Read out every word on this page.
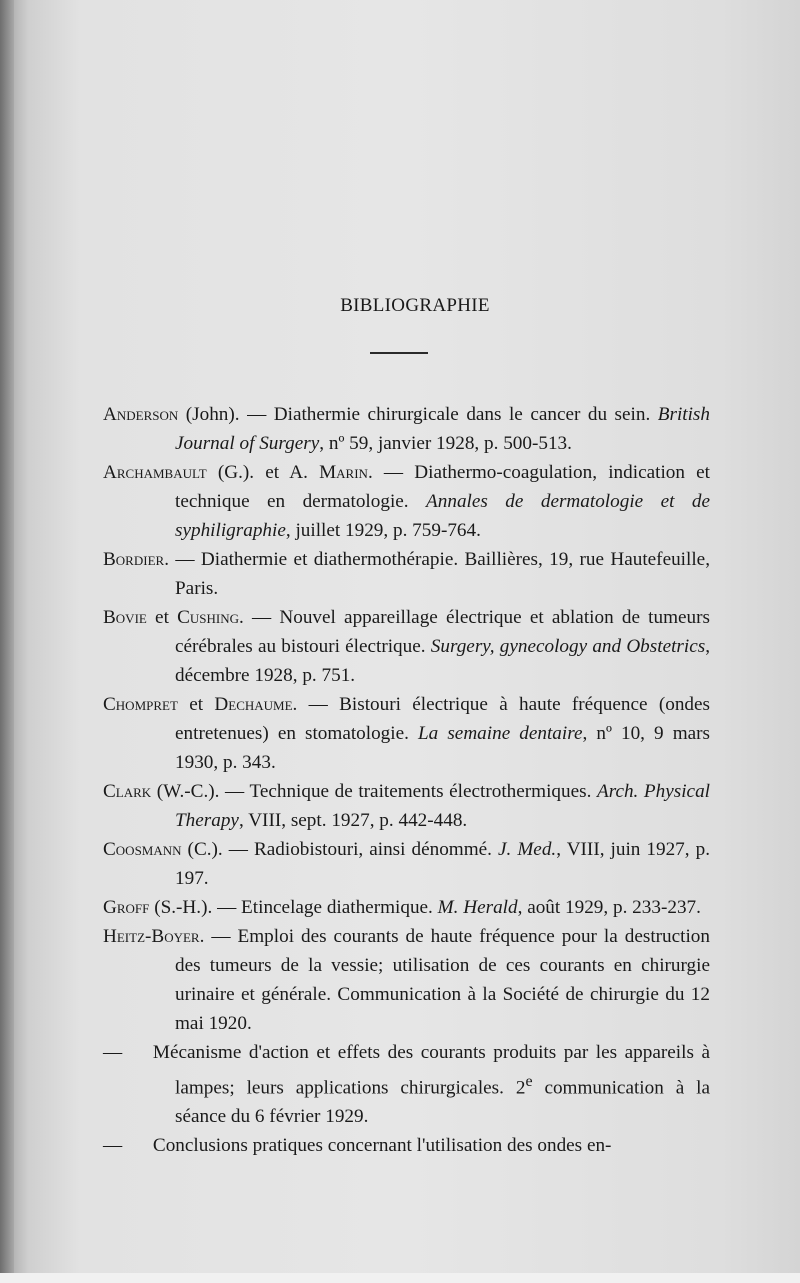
BIBLIOGRAPHIE

Anderson (John). — Diathermie chirurgicale dans le cancer du sein. British Journal of Surgery, nº 59, janvier 1928, p. 500-513.

Archambault (G.). et A. Marin. — Diathermo-coagulation, indication et technique en dermatologie. Annales de dermatologie et de syphiligraphie, juillet 1929, p. 759-764.

Bordier. — Diathermie et diathermothérapie. Baillières, 19, rue Hautefeuille, Paris.

Bovie et Cushing. — Nouvel appareillage électrique et ablation de tumeurs cérébrales au bistouri électrique. Surgery, gynecology and Obstetrics, décembre 1928, p. 751.

Chompret et Dechaume. — Bistouri électrique à haute fréquence (ondes entretenues) en stomatologie. La semaine dentaire, nº 10, 9 mars 1930, p. 343.

Clark (W.-C.). — Technique de traitements électrothermiques. Arch. Physical Therapy, VIII, sept. 1927, p. 442-448.

Coosmann (C.). — Radiobistouri, ainsi dénommé. J. Med., VIII, juin 1927, p. 197.

Groff (S.-H.). — Etincelage diathermique. M. Herald, août 1929, p. 233-237.

Heitz-Boyer. — Emploi des courants de haute fréquence pour la destruction des tumeurs de la vessie; utilisation de ces courants en chirurgie urinaire et générale. Communication à la Société de chirurgie du 12 mai 1920.

— Mécanisme d'action et effets des courants produits par les appareils à lampes; leurs applications chirurgicales. 2e communication à la séance du 6 février 1929.

— Conclusions pratiques concernant l'utilisation des ondes en-
